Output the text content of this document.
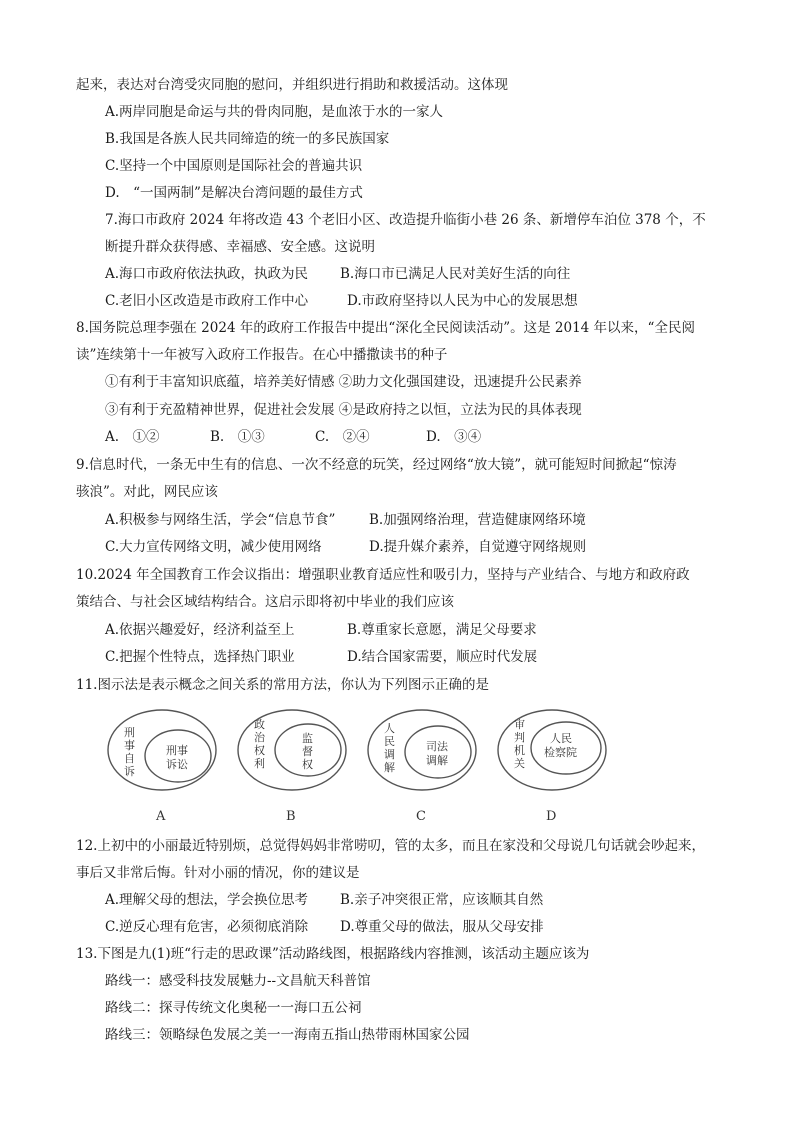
起来，表达对台湾受灾同胞的慰问，并组织进行捐助和救援活动。这体现
A.两岸同胞是命运与共的骨肉同胞，是血浓于水的一家人
B.我国是各族人民共同缔造的统一的多民族国家
C.坚持一个中国原则是国际社会的普遍共识
D.　“一国两制”是解决台湾问题的最佳方式
7.海口市政府 2024 年将改造 43 个老旧小区、改造提升临街小巷 26 条、新增停车泊位 378 个，不
断提升群众获得感、幸福感、安全感。这说明
A.海口市政府依法执政，执政为民 B.海口市已满足人民对美好生活的向往
C.老旧小区改造是市政府工作中心	D.市政府坚持以人民为中心的发展思想
8.国务院总理李强在 2024 年的政府工作报告中提出“深化全民阅读活动”。这是 2014 年以来，“全民阅
读”连续第十一年被写入政府工作报告。在心中播撒读书的种子
①有利于丰富知识底蕴，培养美好情感 ②助力文化强国建设，迅速提升公民素养
③有利于充盈精神世界，促进社会发展 ④是政府持之以恒，立法为民的具体表现
A.　①②	B.　①③	C.　②④	D.　③④
9.信息时代，一条无中生有的信息、一次不经意的玩笑，经过网络“放大镜”，就可能短时间掀起“惊涛
骇浪”。对此，网民应该
A.积极参与网络生活，学会“信息节食” B.加强网络治理，营造健康网络环境
C.大力宣传网络文明，减少使用网络	D.提升媒介素养，自觉遵守网络规则
10.2024 年全国教育工作会议指出：增强职业教育适应性和吸引力，坚持与产业结合、与地方和政府政
策结合、与社会区域结构结合。这启示即将初中毕业的我们应该
A.依据兴趣爱好，经济利益至上	B.尊重家长意愿，满足父母要求
C.把握个性特点，选择热门职业	D.结合国家需要，顺应时代发展
11.图示法是表示概念之间关系的常用方法，你认为下列图示正确的是
刑
事
自
诉
刑事
诉讼
A
政
治
权
利
监
督
权
B
人
民
调
解
司法
调解
C
审
判
机
关
人民
检察院
D
12.上初中的小丽最近特别烦，总觉得妈妈非常唠叨，管的太多，而且在家没和父母说几句话就会吵起来，
事后又非常后悔。针对小丽的情况，你的建议是
A.理解父母的想法，学会换位思考 B.亲子冲突很正常，应该顺其自然
C.逆反心理有危害，必须彻底消除 D.尊重父母的做法，服从父母安排
13.下图是九(1)班“行走的思政课”活动路线图，根据路线内容推测，该活动主题应该为
路线一：感受科技发展魅力--文昌航天科普馆
路线二：探寻传统文化奥秘一一海口五公祠
路线三：领略绿色发展之美一一海南五指山热带雨林国家公园
